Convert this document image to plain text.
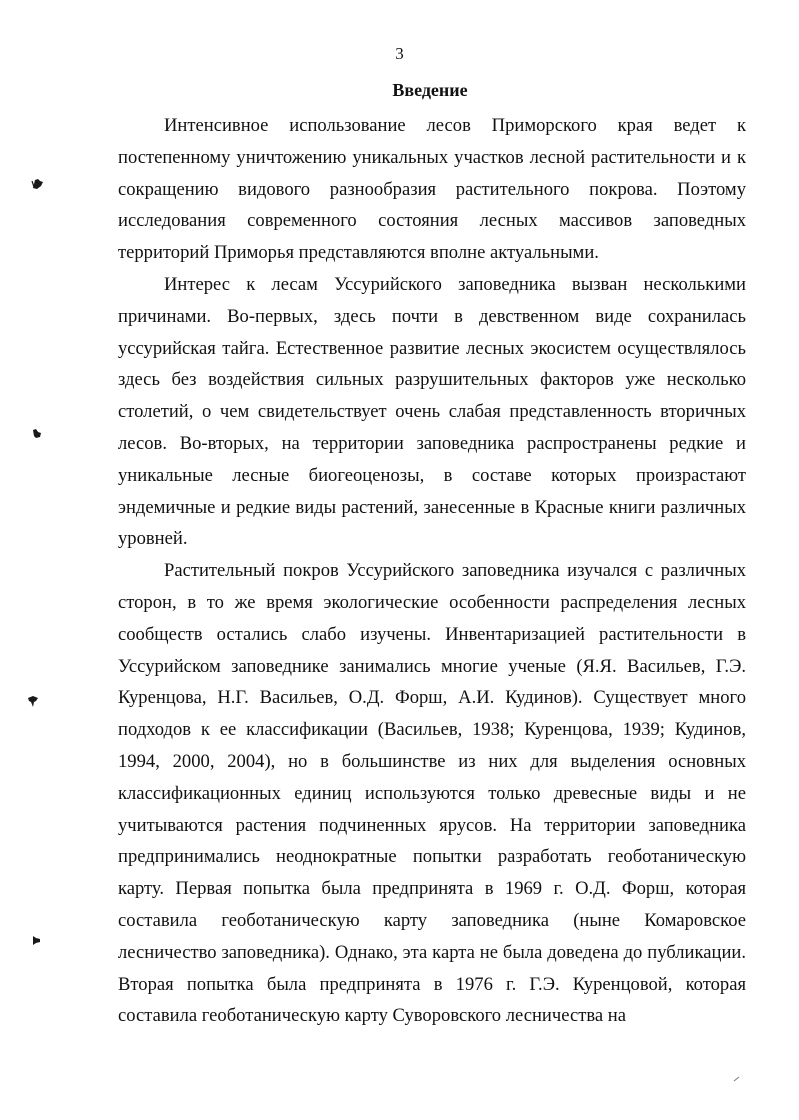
3
Введение

Интенсивное использование лесов Приморского края ведет к постепенному уничтожению уникальных участков лесной растительности и к сокращению видового разнообразия растительного покрова. Поэтому исследования современного состояния лесных массивов заповедных территорий Приморья представляются вполне актуальными.

Интерес к лесам Уссурийского заповедника вызван несколькими причинами. Во-первых, здесь почти в девственном виде сохранилась уссурийская тайга. Естественное развитие лесных экосистем осуществлялось здесь без воздействия сильных разрушительных факторов уже несколько столетий, о чем свидетельствует очень слабая представленность вторичных лесов. Во-вторых, на территории заповедника распространены редкие и уникальные лесные биогеоценозы, в составе которых произрастают эндемичные и редкие виды растений, занесенные в Красные книги различных уровней.

Растительный покров Уссурийского заповедника изучался с различных сторон, в то же время экологические особенности распределения лесных сообществ остались слабо изучены. Инвентаризацией растительности в Уссурийском заповеднике занимались многие ученые (Я.Я. Васильев, Г.Э. Куренцова, Н.Г. Васильев, О.Д. Форш, А.И. Кудинов). Существует много подходов к ее классификации (Васильев, 1938; Куренцова, 1939; Кудинов, 1994, 2000, 2004), но в большинстве из них для выделения основных классификационных единиц используются только древесные виды и не учитываются растения подчиненных ярусов. На территории заповедника предпринимались неоднократные попытки разработать геоботаническую карту. Первая попытка была предпринята в 1969 г. О.Д. Форш, которая составила геоботаническую карту заповедника (ныне Комаровское лесничество заповедника). Однако, эта карта не была доведена до публикации. Вторая попытка была предпринята в 1976 г. Г.Э. Куренцовой, которая составила геоботаническую карту Суворовского лесничества на
